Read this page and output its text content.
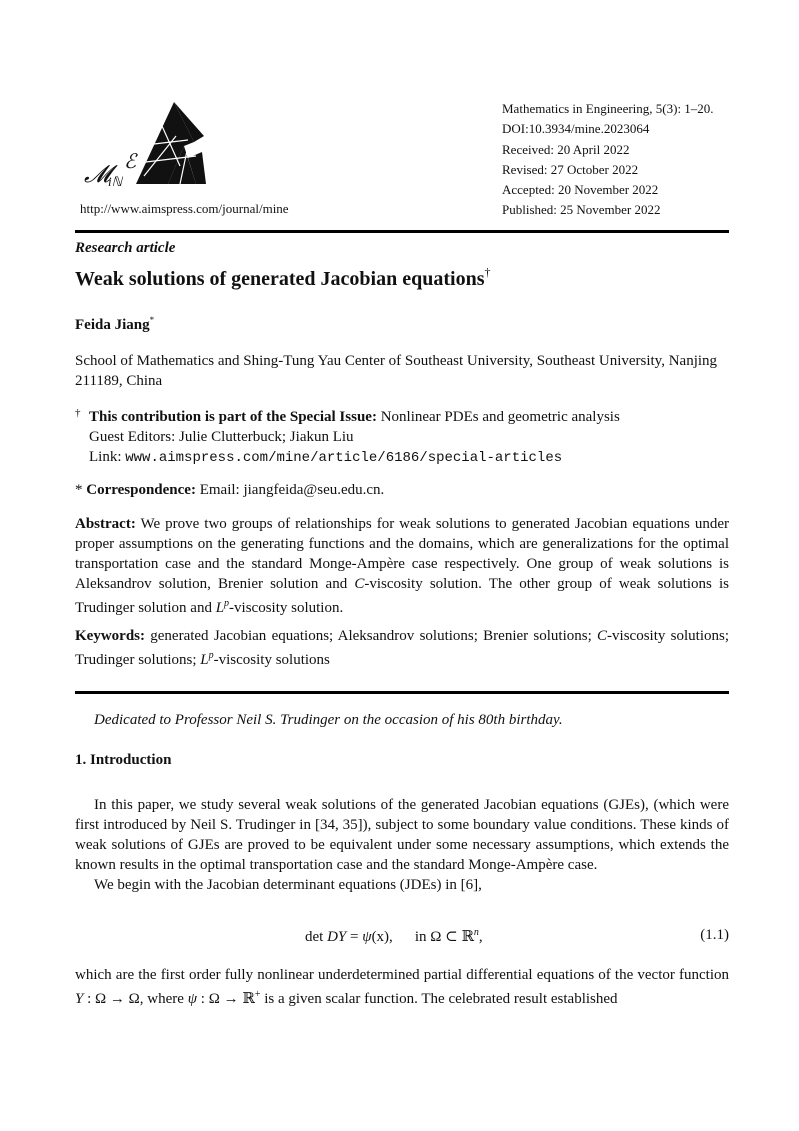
𝓜
iℕ
ℰ
http://www.aimspress.com/journal/mine
Mathematics in Engineering, 5(3): 1–20.
DOI:10.3934/mine.2023064
Received: 20 April 2022
Revised: 27 October 2022
Accepted: 20 November 2022
Published: 25 November 2022
Research article
Weak solutions of generated Jacobian equations†
Feida Jiang*
School of Mathematics and Shing-Tung Yau Center of Southeast University, Southeast University, Nanjing 211189, China
† This contribution is part of the Special Issue: Nonlinear PDEs and geometric analysis
Guest Editors: Julie Clutterbuck; Jiakun Liu
Link: www.aimspress.com/mine/article/6186/special-articles
* Correspondence: Email: jiangfeida@seu.edu.cn.
Abstract: We prove two groups of relationships for weak solutions to generated Jacobian equations under proper assumptions on the generating functions and the domains, which are generalizations for the optimal transportation case and the standard Monge-Ampère case respectively. One group of weak solutions is Aleksandrov solution, Brenier solution and C-viscosity solution. The other group of weak solutions is Trudinger solution and $L^p$-viscosity solution.
Keywords: generated Jacobian equations; Aleksandrov solutions; Brenier solutions; C-viscosity solutions; Trudinger solutions; $L^p$-viscosity solutions
Dedicated to Professor Neil S. Trudinger on the occasion of his 80th birthday.
1. Introduction
In this paper, we study several weak solutions of the generated Jacobian equations (GJEs), (which were first introduced by Neil S. Trudinger in [34, 35]), subject to some boundary value conditions. These kinds of weak solutions of GJEs are proved to be equivalent under some necessary assumptions, which extends the known results in the optimal transportation case and the standard Monge-Ampère case.
We begin with the Jacobian determinant equations (JDEs) in [6],
det DY = ψ(x), in Ω ⊂ ℝ$^n$,	(1.1)
which are the first order fully nonlinear underdetermined partial differential equations of the vector function Y : Ω → Ω, where ψ : Ω → ℝ+ is a given scalar function. The celebrated result established
